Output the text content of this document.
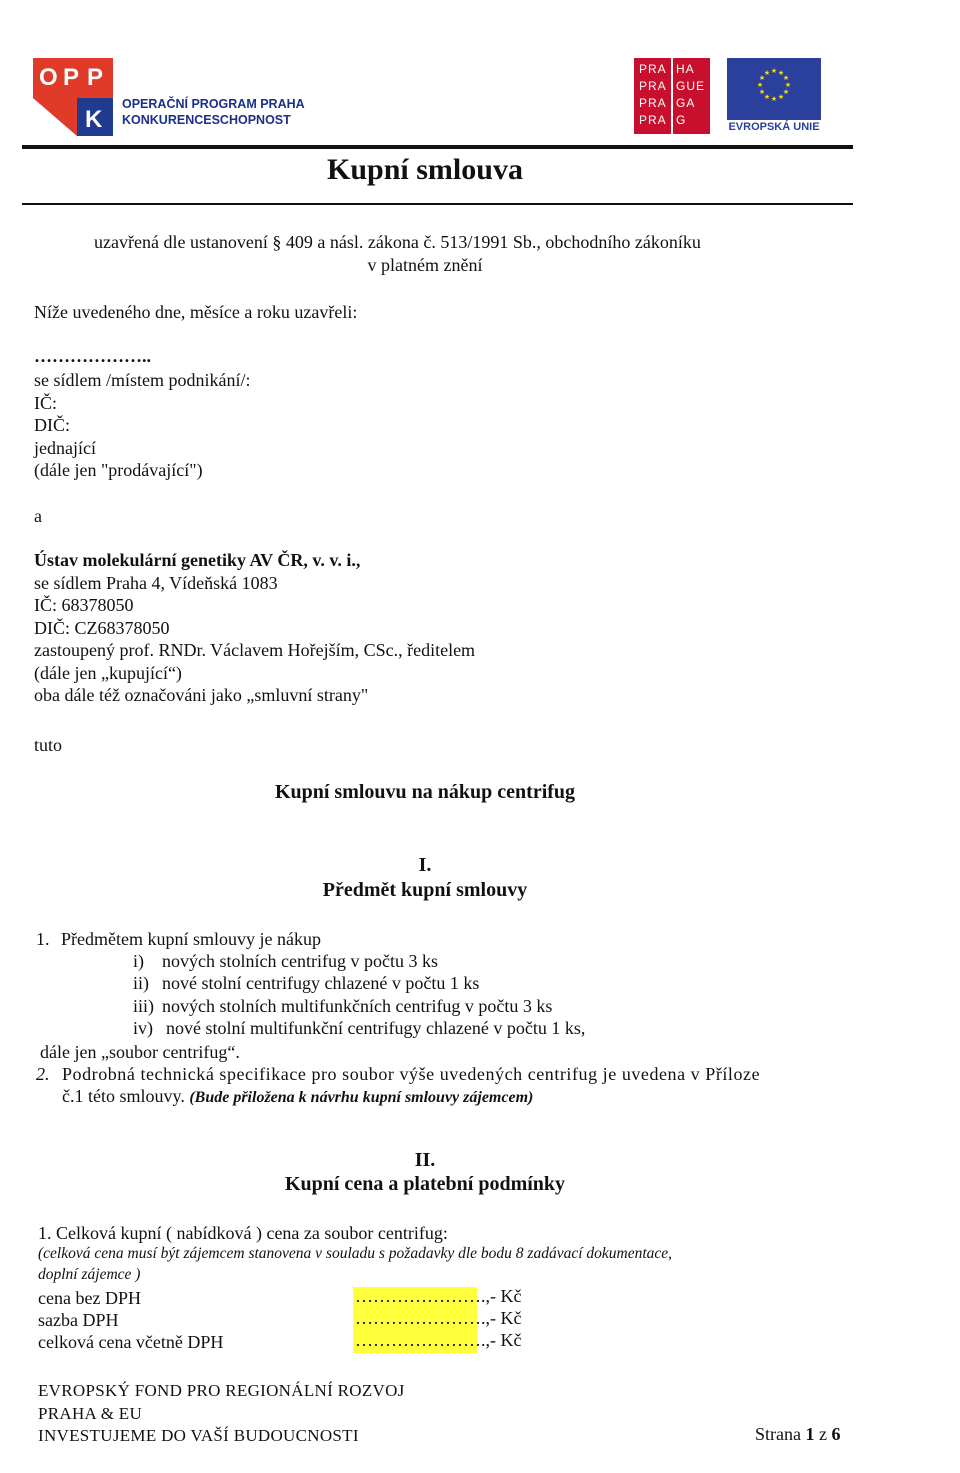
O P P
K
OPERAČNÍ PROGRAM PRAHA
KONKURENCESCHOPNOST
PRA
PRA
PRA
PRA
HA
GUE
GA
G
★ ★
★
★
★
★
★
★
★
★
★
★
EVROPSKÁ UNIE
Kupní smlouva
uzavřená dle ustanovení § 409 a násl. zákona č. 513/1991 Sb., obchodního zákoníku
v platném znění
Níže uvedeného dne, měsíce a roku uzavřeli:
………………..
se sídlem /místem podnikání/:
IČ:
DIČ:
jednající
(dále jen "prodávající")
a
Ústav molekulární genetiky AV ČR, v. v. i.,
se sídlem Praha 4, Vídeňská 1083
IČ: 68378050
DIČ: CZ68378050
zastoupený prof. RNDr. Václavem Hořejším, CSc., ředitelem
(dále jen „kupující“)
oba dále též označováni jako „smluvní strany"
tuto
Kupní smlouvu na nákup centrifug
I.
Předmět kupní smlouvy
1. Předmětem kupní smlouvy je nákup
i) nových stolních centrifug v počtu 3 ks
ii) nové stolní centrifugy chlazené v počtu 1 ks
iii) nových stolních multifunkčních centrifug v počtu 3 ks
iv) nové stolní multifunkční centrifugy chlazené v počtu 1 ks,
dále jen „soubor centrifug“.
2. Podrobná technická specifikace pro soubor výše uvedených centrifug je uvedena v Příloze
č.1 této smlouvy. (Bude přiložena k návrhu kupní smlouvy zájemcem)
II.
Kupní cena a platební podmínky
1. Celková kupní ( nabídková ) cena za soubor centrifug:
(celková cena musí být zájemcem stanovena v souladu s požadavky dle bodu 8 zadávací dokumentace,
doplní zájemce )
cena bez DPH	………………….,- Kč
sazba DPH	………………….,- Kč
celková cena včetně DPH	………………….,- Kč
EVROPSKÝ FOND PRO REGIONÁLNÍ ROZVOJ
PRAHA & EU
INVESTUJEME DO VAŠÍ BUDOUCNOSTI	Strana 1 z 6
